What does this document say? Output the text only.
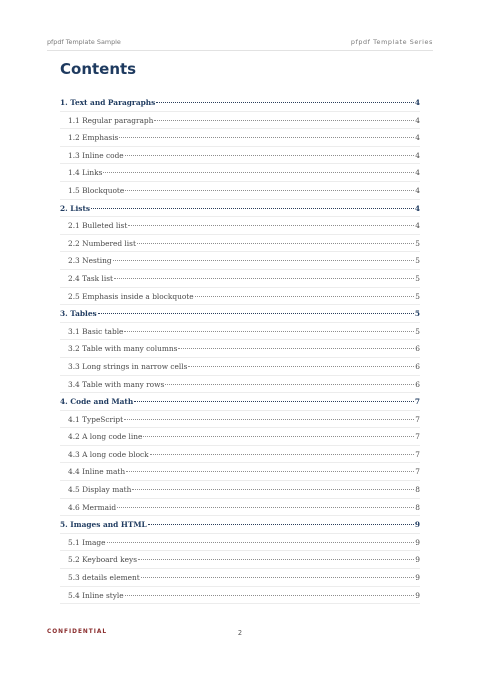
pfpdf Template Sample	pfpdf Template Series
Contents
1. Text and Paragraphs	4
1.1 Regular paragraph	4
1.2 Emphasis	4
1.3 Inline code	4
1.4 Links	4
1.5 Blockquote	4
2. Lists	4
2.1 Bulleted list	4
2.2 Numbered list	5
2.3 Nesting	5
2.4 Task list	5
2.5 Emphasis inside a blockquote	5
3. Tables	5
3.1 Basic table	5
3.2 Table with many columns	6
3.3 Long strings in narrow cells	6
3.4 Table with many rows	6
4. Code and Math	7
4.1 TypeScript	7
4.2 A long code line	7
4.3 A long code block	7
4.4 Inline math	7
4.5 Display math	8
4.6 Mermaid	8
5. Images and HTML	9
5.1 Image	9
5.2 Keyboard keys	9
5.3 details element	9
5.4 Inline style	9
CONFIDENTIAL	2
